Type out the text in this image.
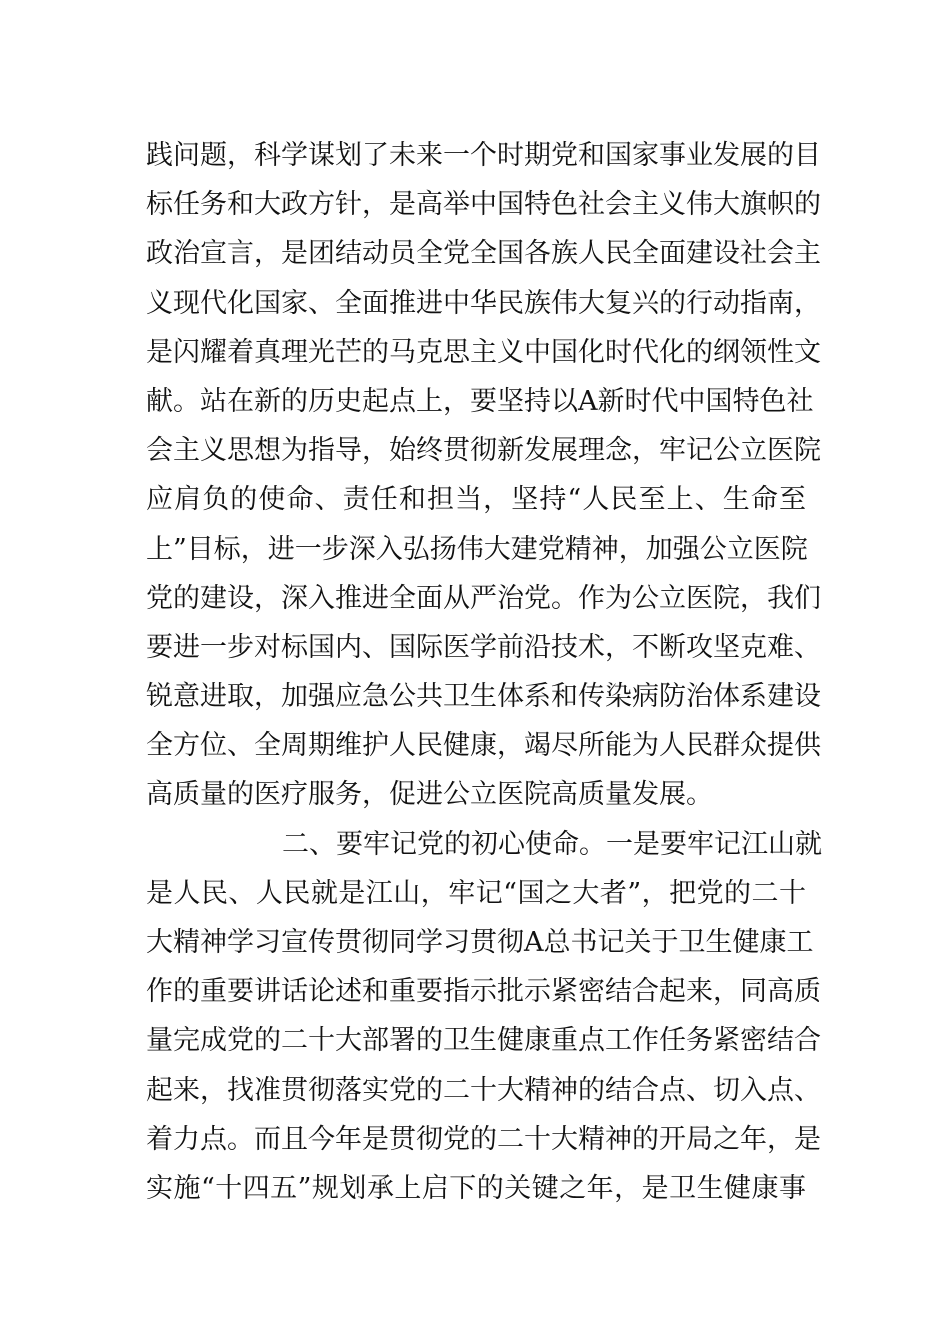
践问题，科学谋划了未来一个时期党和国家事业发展的目
标任务和大政方针，是高举中国特色社会主义伟大旗帜的
政治宣言，是团结动员全党全国各族人民全面建设社会主
义现代化国家、全面推进中华民族伟大复兴的行动指南，
是闪耀着真理光芒的马克思主义中国化时代化的纲领性文
献。站在新的历史起点上，要坚持以A新时代中国特色社
会主义思想为指导，始终贯彻新发展理念，牢记公立医院
应肩负的使命、责任和担当，坚持“人民至上、生命至
上”目标，进一步深入弘扬伟大建党精神，加强公立医院
党的建设，深入推进全面从严治党。作为公立医院，我们
要进一步对标国内、国际医学前沿技术，不断攻坚克难、
锐意进取，加强应急公共卫生体系和传染病防治体系建设
全方位、全周期维护人民健康，竭尽所能为人民群众提供
高质量的医疗服务，促进公立医院高质量发展。
二、要牢记党的初心使命。一是要牢记江山就
是人民、人民就是江山，牢记“国之大者”，把党的二十
大精神学习宣传贯彻同学习贯彻A总书记关于卫生健康工
作的重要讲话论述和重要指示批示紧密结合起来，同高质
量完成党的二十大部署的卫生健康重点工作任务紧密结合
起来，找准贯彻落实党的二十大精神的结合点、切入点、
着力点。而且今年是贯彻党的二十大精神的开局之年，是
实施“十四五”规划承上启下的关键之年，是卫生健康事
